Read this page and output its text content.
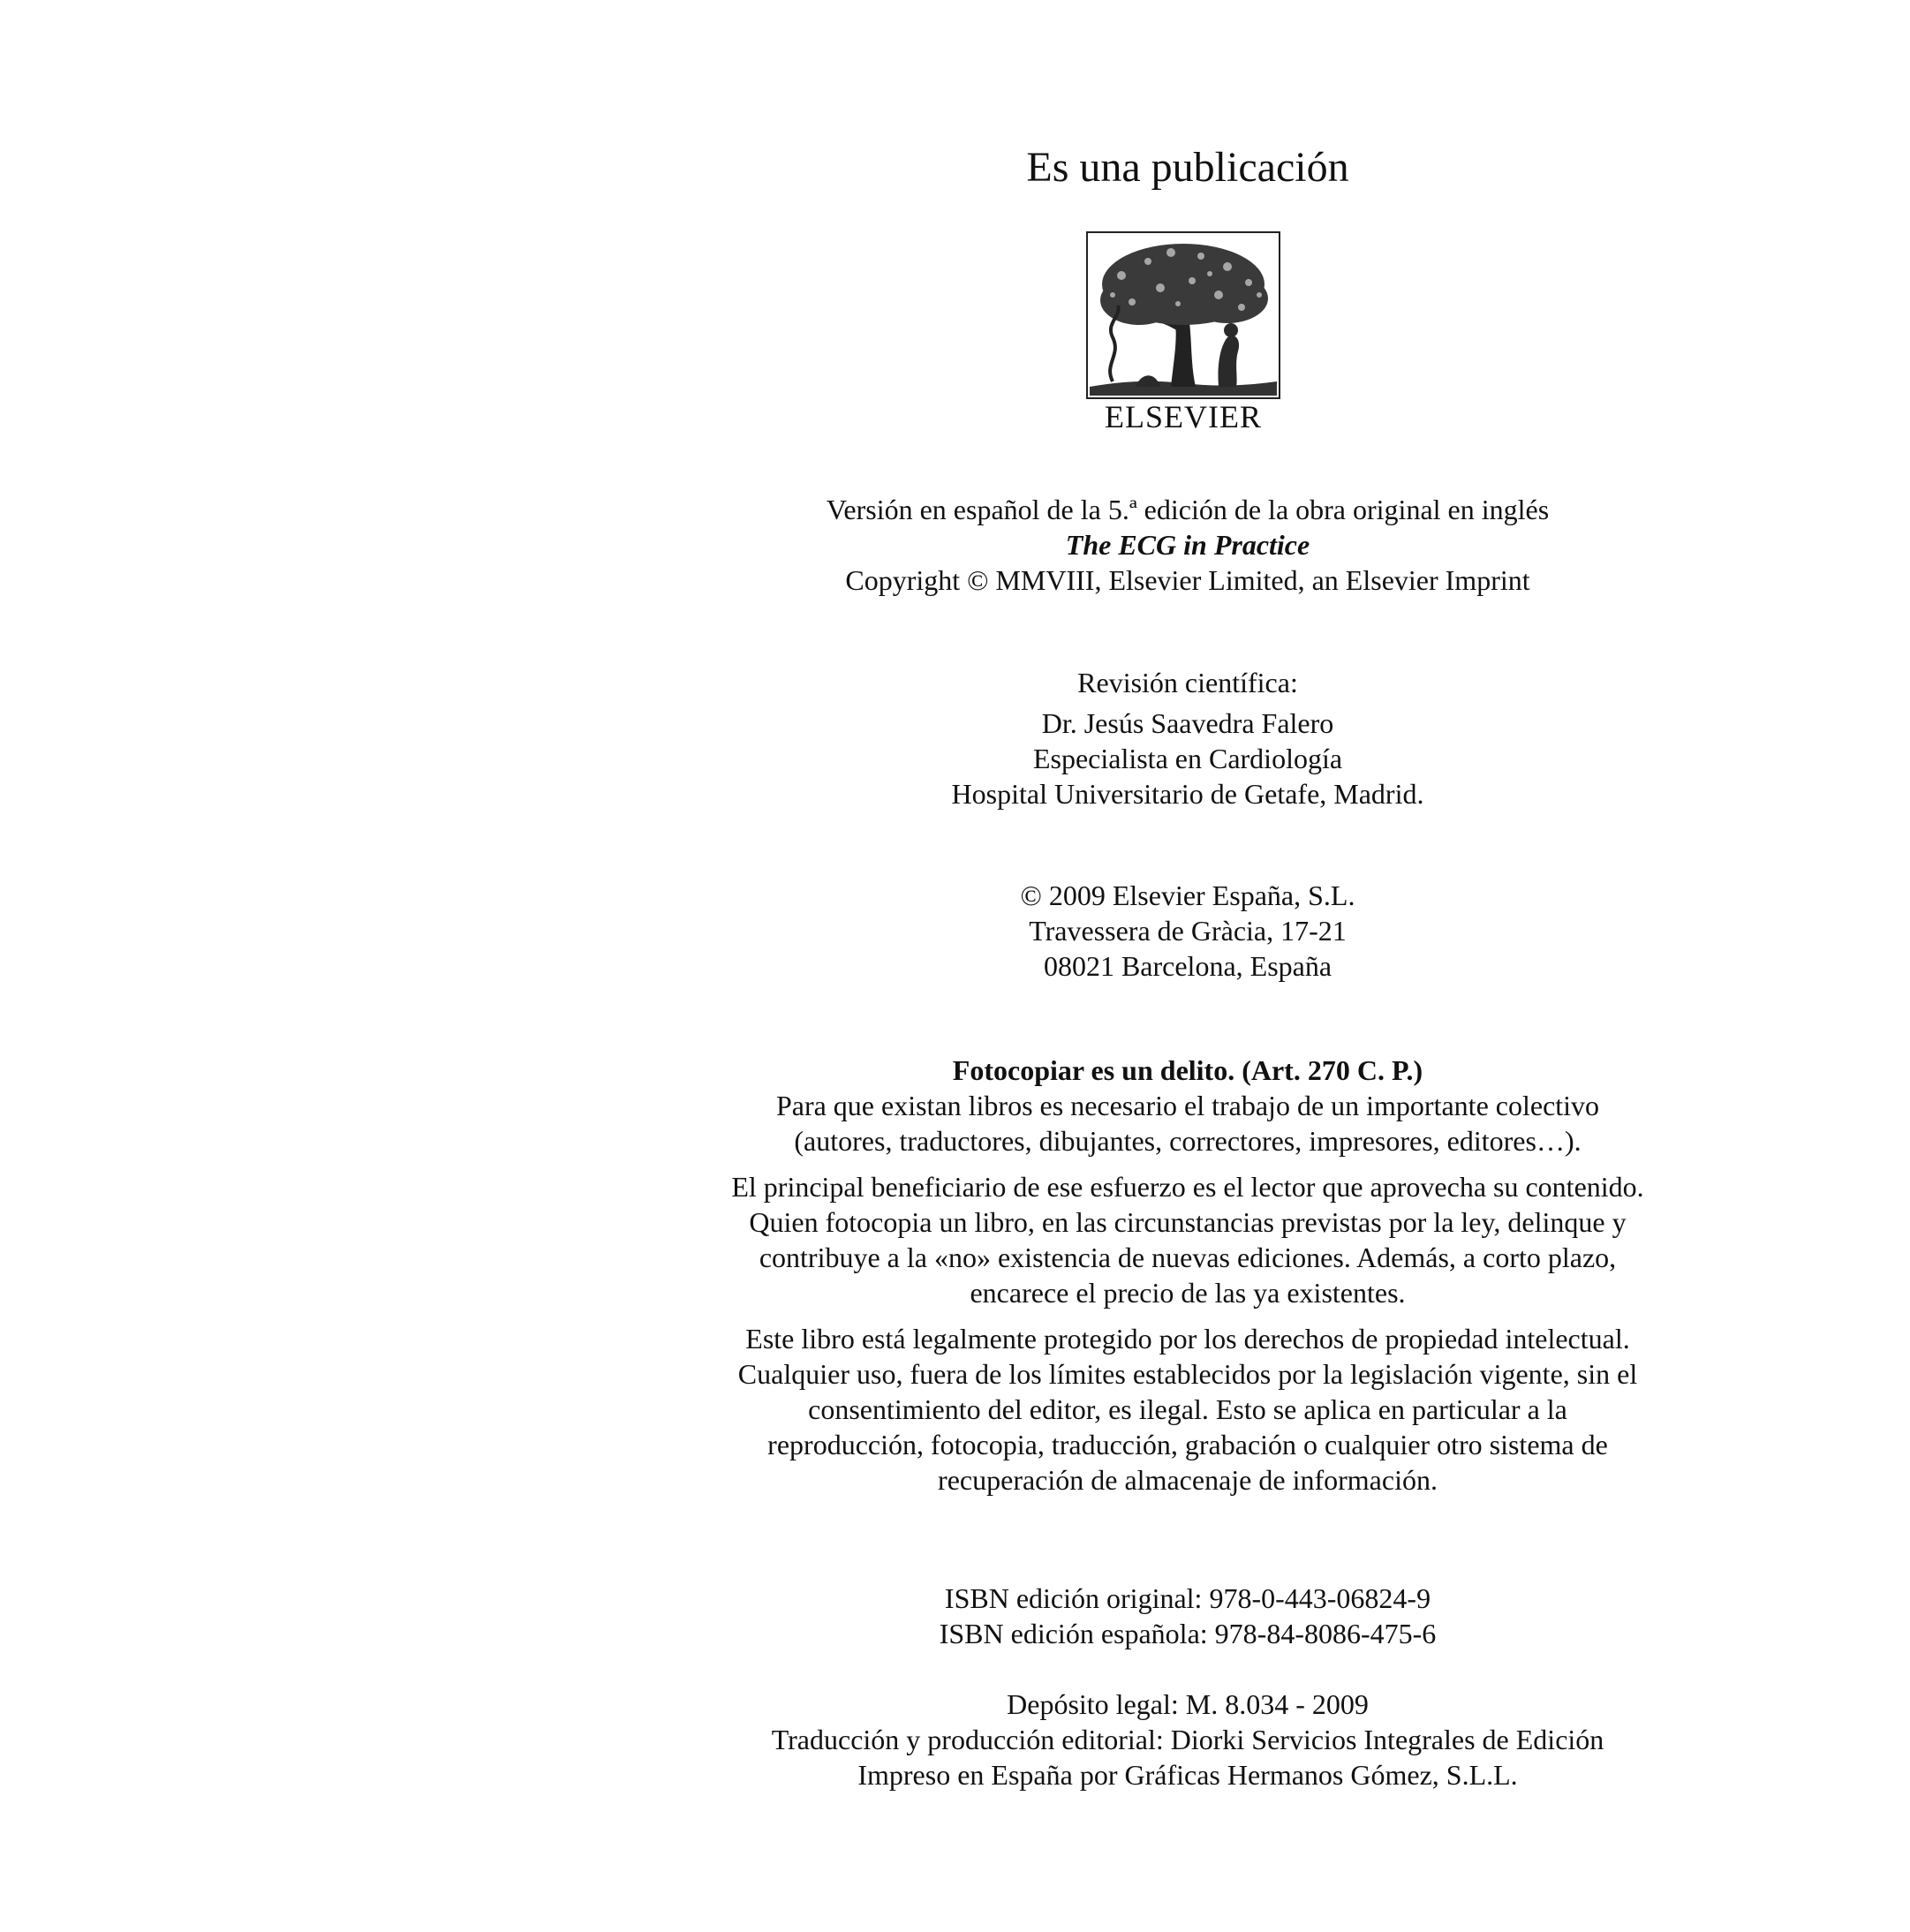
Es una publicación
ELSEVIER
Versión en español de la 5.ª edición de la obra original en inglés
The ECG in Practice
Copyright © MMVIII, Elsevier Limited, an Elsevier Imprint
Revisión científica:
Dr. Jesús Saavedra Falero
Especialista en Cardiología
Hospital Universitario de Getafe, Madrid.
© 2009 Elsevier España, S.L.
Travessera de Gràcia, 17-21
08021 Barcelona, España
Fotocopiar es un delito. (Art. 270 C. P.)
Para que existan libros es necesario el trabajo de un importante colectivo
(autores, traductores, dibujantes, correctores, impresores, editores…).
El principal beneficiario de ese esfuerzo es el lector que aprovecha su contenido.
Quien fotocopia un libro, en las circunstancias previstas por la ley, delinque y
contribuye a la «no» existencia de nuevas ediciones. Además, a corto plazo,
encarece el precio de las ya existentes.
Este libro está legalmente protegido por los derechos de propiedad intelectual.
Cualquier uso, fuera de los límites establecidos por la legislación vigente, sin el
consentimiento del editor, es ilegal. Esto se aplica en particular a la
reproducción, fotocopia, traducción, grabación o cualquier otro sistema de
recuperación de almacenaje de información.
ISBN edición original: 978-0-443-06824-9
ISBN edición española: 978-84-8086-475-6
Depósito legal: M. 8.034 - 2009
Traducción y producción editorial: Diorki Servicios Integrales de Edición
Impreso en España por Gráficas Hermanos Gómez, S.L.L.
